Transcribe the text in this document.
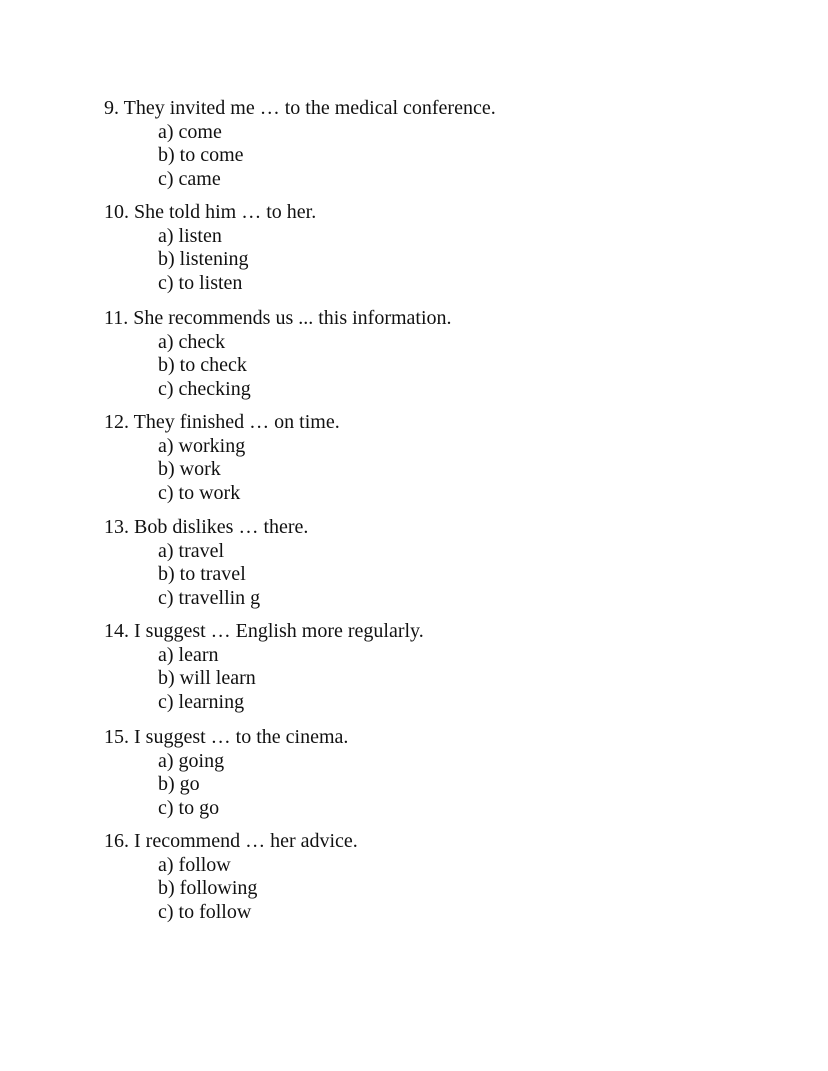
9. They invited me … to the medical conference.
a) come
b) to come
c) came
10. She told him … to her.
a) listen
b) listening
c) to listen
11. She recommends us ... this information.
a) check
b) to check
c) checking
12. They finished … on time.
a) working
b) work
c) to work
13. Bob dislikes … there.
a) travel
b) to travel
c) travellin g
14. I suggest … English more regularly.
a) learn
b) will learn
c) learning
15. I suggest … to the cinema.
a) going
b) go
c) to go
16. I recommend … her advice.
a) follow
b) following
c) to follow
